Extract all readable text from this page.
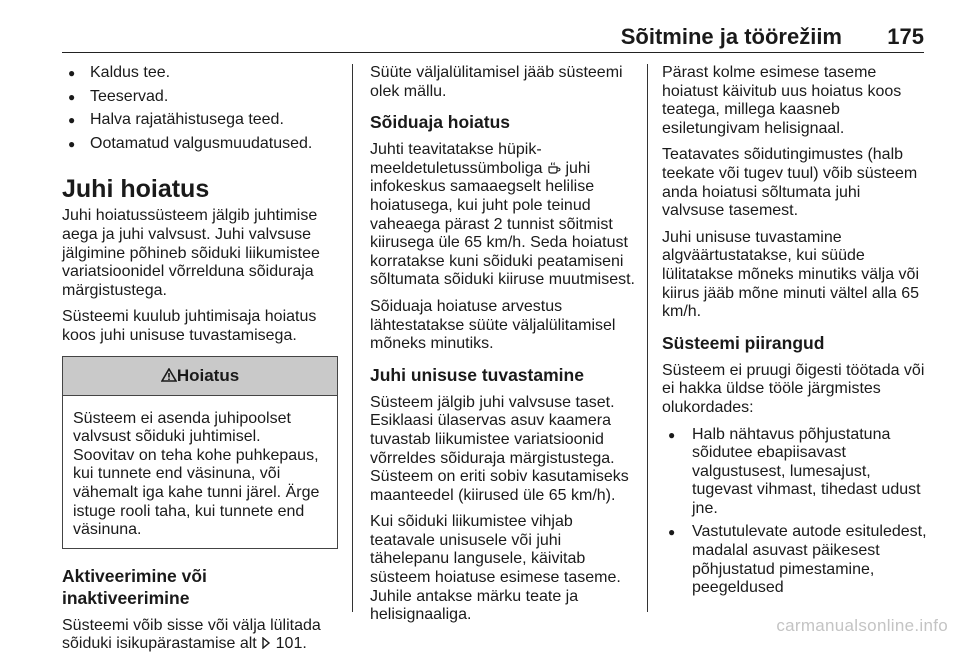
Sõitmine ja töörežiim 175
● Kaldus tee.
● Teeservad.
● Halva rajatähistusega teed.
● Ootamatud valgusmuudatused.
Juhi hoiatus

Juhi hoiatussüsteem jälgib juhtimise aega ja juhi valvsust. Juhi valvsuse jälgimine põhineb sõiduki liikumistee variatsioonidel võrrelduna sõiduraja märgistustega.

Süsteemi kuulub juhtimisaja hoiatus koos juhi unisuse tuvastamisega.

Hoiatus

Süsteem ei asenda juhipoolset valvsust sõiduki juhtimisel.

Soovitav on teha kohe puhkepaus, kui tunnete end väsinuna, või vähemalt iga kahe tunni järel. Ärge istuge rooli taha, kui tunnete end väsinuna.

Aktiveerimine või inaktiveerimine

Süsteemi võib sisse või välja lülitada sõiduki isikupärastamise alt 101.

Süüte väljalülitamisel jääb süsteemi olek mällu.

Sõiduaja hoiatus

Juhti teavitatakse hüpik-meeldetuletussümboliga juhi infokeskus samaaegselt helilise hoiatusega, kui juht pole teinud vaheaega pärast 2 tunnist sõitmist kiirusega üle 65 km/h. Seda hoiatust korratakse kuni sõiduki peatamiseni sõltumata sõiduki kiiruse muutmisest.

Sõiduaja hoiatuse arvestus lähtestatakse süüte väljalülitamisel mõneks minutiks.

Juhi unisuse tuvastamine

Süsteem jälgib juhi valvsuse taset. Esiklaasi ülaservas asuv kaamera tuvastab liikumistee variatsioonid võrreldes sõiduraja märgistustega. Süsteem on eriti sobiv kasutamiseks maanteedel (kiirused üle 65 km/h).

Kui sõiduki liikumistee vihjab teatavale unisusele või juhi tähelepanu langusele, käivitab süsteem hoiatuse esimese taseme. Juhile antakse märku teate ja helisignaaliga.

Pärast kolme esimese taseme hoiatust käivitub uus hoiatus koos teatega, millega kaasneb esiletungivam helisignaal.

Teatavates sõidutingimustes (halb teekate või tugev tuul) võib süsteem anda hoiatusi sõltumata juhi valvsuse tasemest.

Juhi unisuse tuvastamine algväärtustatakse, kui süüde lülitatakse mõneks minutiks välja või kiirus jääb mõne minuti vältel alla 65 km/h.

Süsteemi piirangud

Süsteem ei pruugi õigesti töötada või ei hakka üldse tööle järgmistes olukordades:

● Halb nähtavus põhjustatuna sõidutee ebapiisavast valgustusest, lumesajust, tugevast vihmast, tihedast udust jne.
● Vastutulevate autode esituledest, madalal asuvast päikesest põhjustatud pimestamine, peegeldused
carmanualsonline.info
